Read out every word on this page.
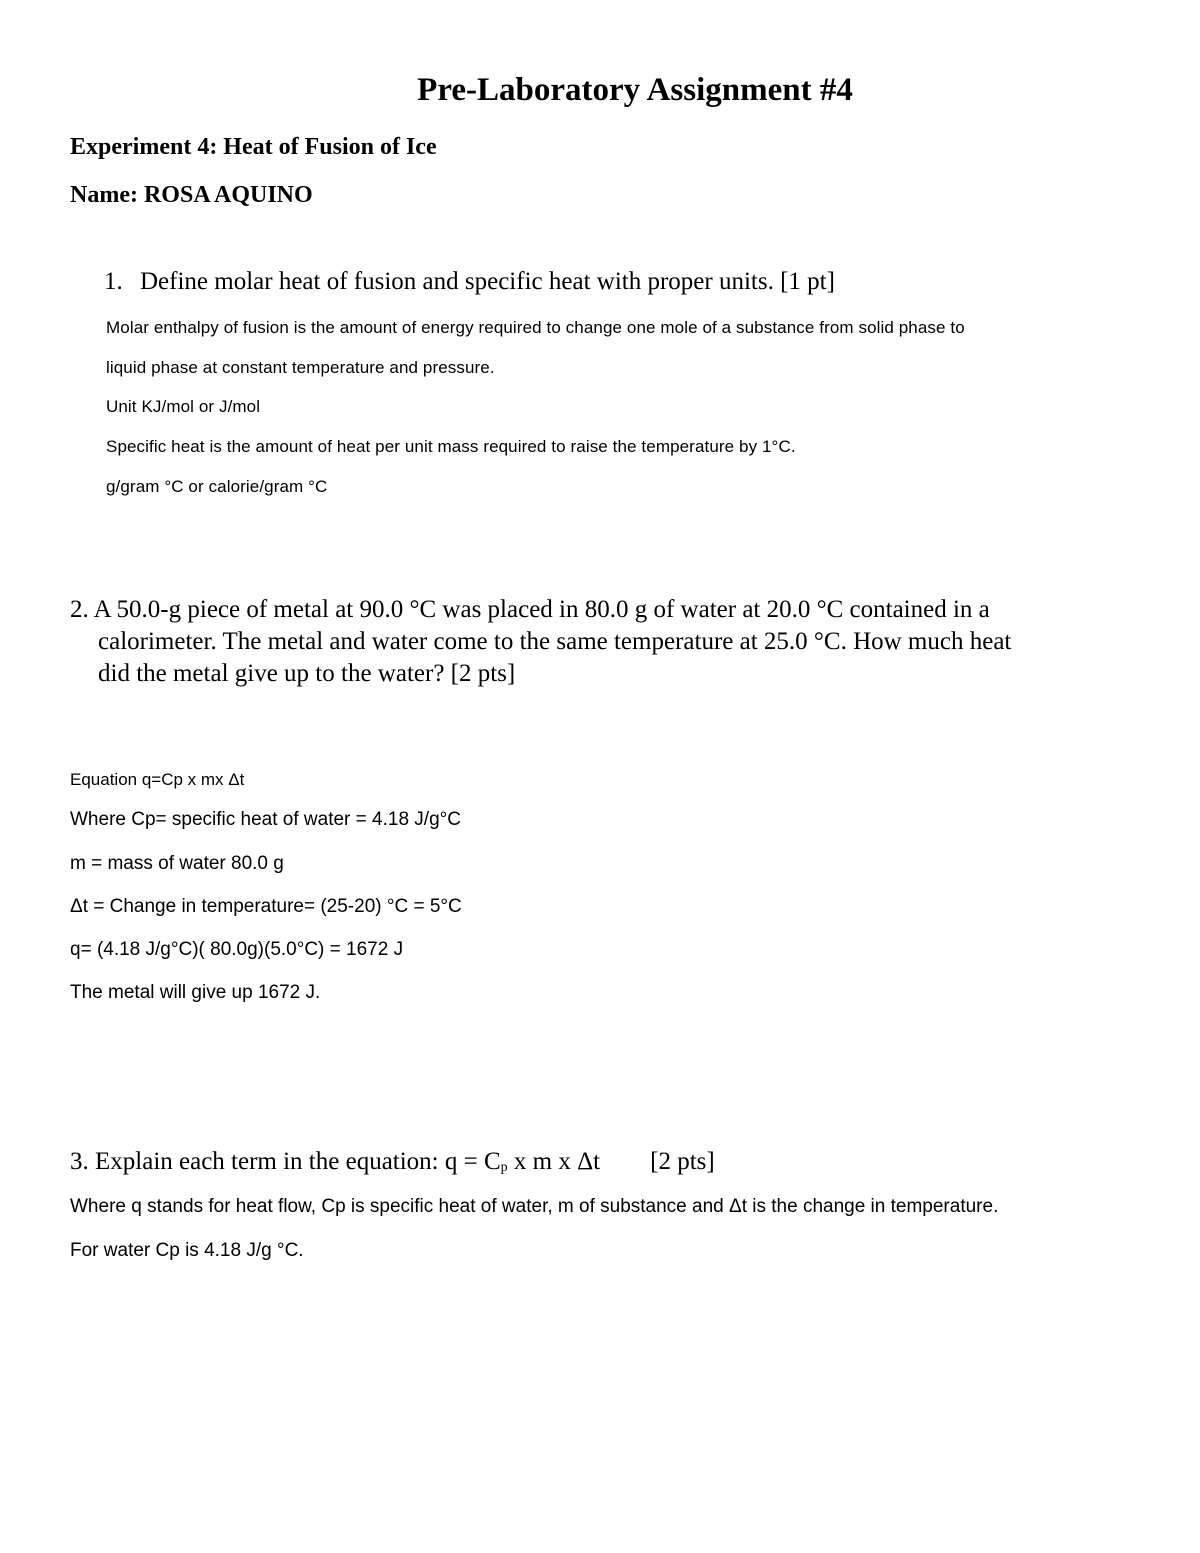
Pre-Laboratory Assignment #4
Experiment 4: Heat of Fusion of Ice
Name: ROSA AQUINO
1. Define molar heat of fusion and specific heat with proper units. [1 pt]
Molar enthalpy of fusion is the amount of energy required to change one mole of a substance from solid phase to
liquid phase at constant temperature and pressure.
Unit KJ/mol or J/mol
Specific heat is the amount of heat per unit mass required to raise the temperature by 1°C.
g/gram °C or calorie/gram °C
2. A 50.0-g piece of metal at 90.0 °C was placed in 80.0 g of water at 20.0 °C contained in a
calorimeter. The metal and water come to the same temperature at 25.0 °C. How much heat
did the metal give up to the water? [2 pts]
Equation q=Cp x mx Δt
Where Cp= specific heat of water = 4.18 J/g°C
m = mass of water 80.0 g
Δt = Change in temperature= (25-20) °C = 5°C
q= (4.18 J/g°C)( 80.0g)(5.0°C) = 1672 J
The metal will give up 1672 J.
3. Explain each term in the equation: $q = C_p$ x m x Δt        [2 pts]
Where q stands for heat flow, Cp is specific heat of water, m of substance and Δt is the change in temperature.
For water Cp is 4.18 J/g °C.
